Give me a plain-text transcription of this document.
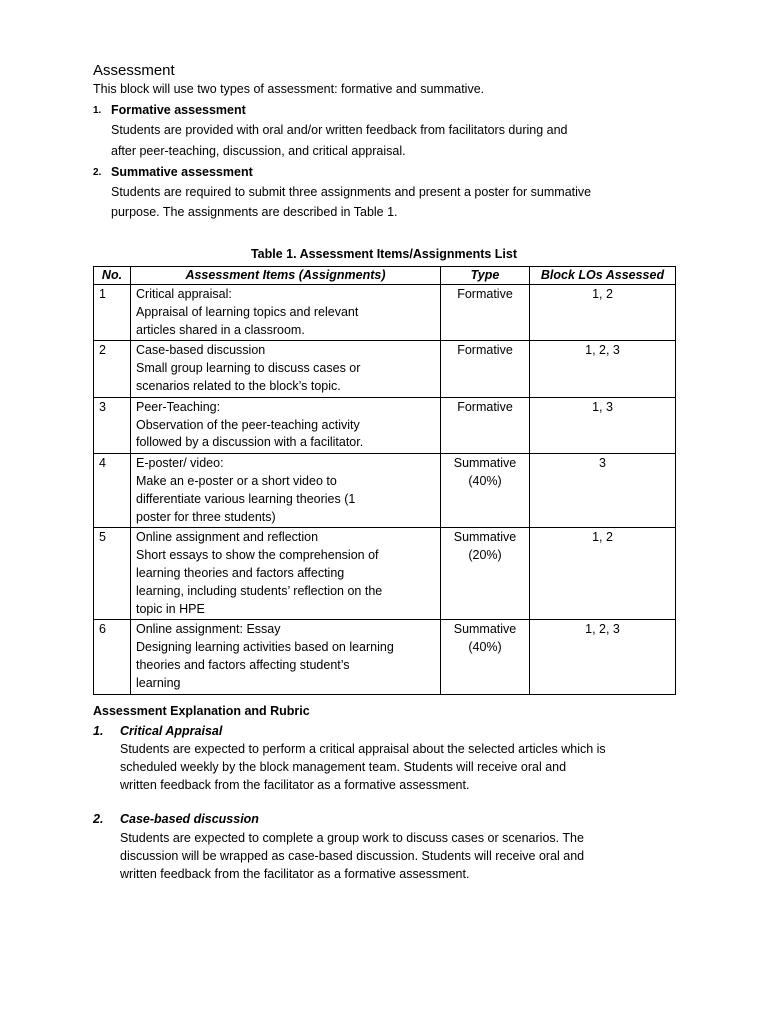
Assessment
This block will use two types of assessment: formative and summative.
1. Formative assessment
Students are provided with oral and/or written feedback from facilitators during and
after peer-teaching, discussion, and critical appraisal.
2. Summative assessment
Students are required to submit three assignments and present a poster for summative
purpose. The assignments are described in Table 1.
Table 1. Assessment Items/Assignments List
No.	Assessment Items (Assignments)	Type	Block LOs Assessed
1	Critical appraisal:
Appraisal of learning topics and relevant
articles shared in a classroom.	Formative	1, 2
2	Case-based discussion
Small group learning to discuss cases or
scenarios related to the block’s topic.	Formative	1, 2, 3
3	Peer-Teaching:
Observation of the peer-teaching activity
followed by a discussion with a facilitator.	Formative	1, 3
4	E-poster/ video:
Make an e-poster or a short video to
differentiate various learning theories (1
poster for three students)	Summative
(40%)	3
5	Online assignment and reflection
Short essays to show the comprehension of
learning theories and factors affecting
learning, including students’ reflection on the
topic in HPE	Summative
(20%)	1, 2
6	Online assignment: Essay
Designing learning activities based on learning
theories and factors affecting student’s
learning	Summative
(40%)	1, 2, 3
Assessment Explanation and Rubric
1. Critical Appraisal
Students are expected to perform a critical appraisal about the selected articles which is
scheduled weekly by the block management team. Students will receive oral and
written feedback from the facilitator as a formative assessment.
2. Case-based discussion
Students are expected to complete a group work to discuss cases or scenarios. The
discussion will be wrapped as case-based discussion. Students will receive oral and
written feedback from the facilitator as a formative assessment.
